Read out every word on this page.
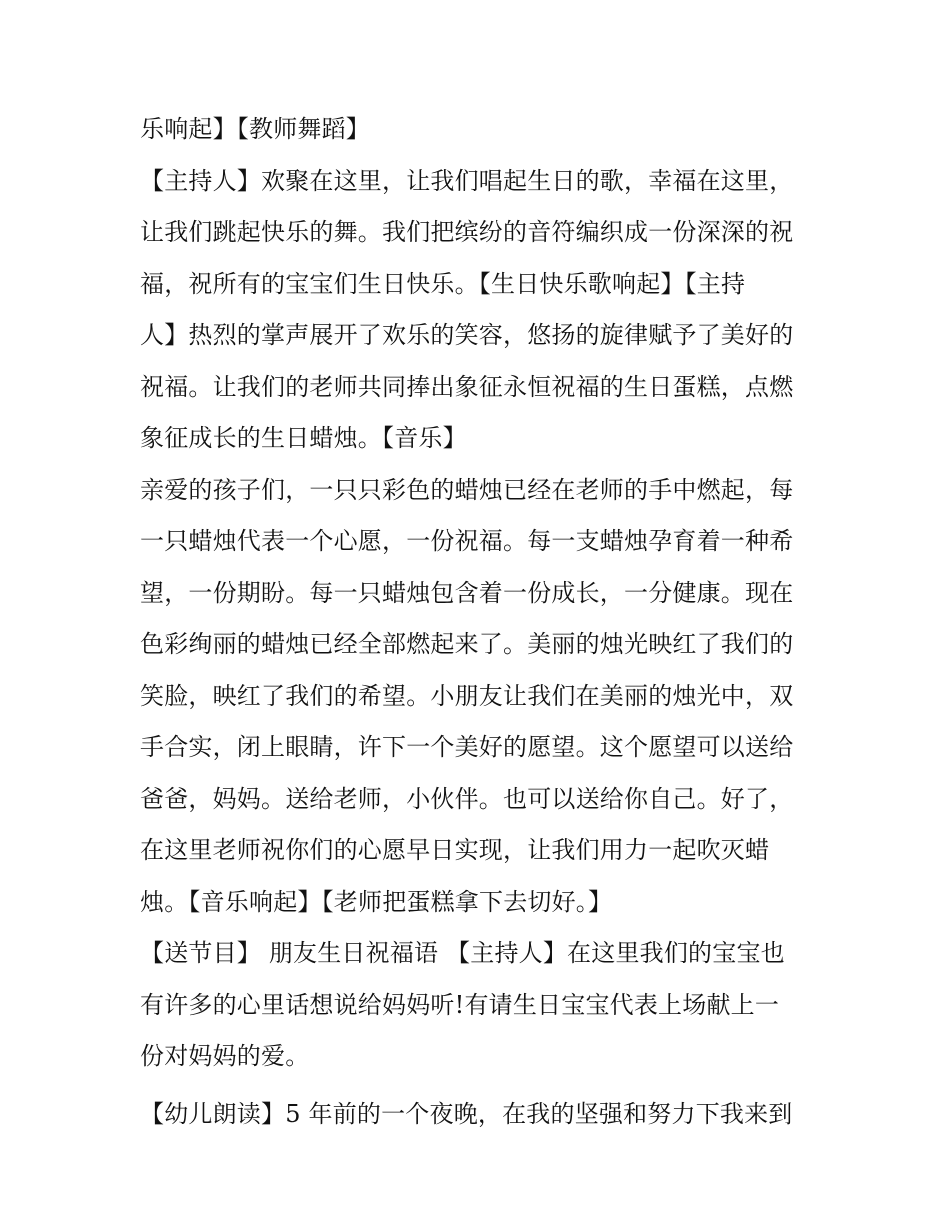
乐响起】【教师舞蹈】
【主持人】欢聚在这里，让我们唱起生日的歌，幸福在这里，
让我们跳起快乐的舞。我们把缤纷的音符编织成一份深深的祝
福，祝所有的宝宝们生日快乐。【生日快乐歌响起】【主持
人】热烈的掌声展开了欢乐的笑容，悠扬的旋律赋予了美好的
祝福。让我们的老师共同捧出象征永恒祝福的生日蛋糕，点燃
象征成长的生日蜡烛。【音乐】
亲爱的孩子们，一只只彩色的蜡烛已经在老师的手中燃起，每
一只蜡烛代表一个心愿，一份祝福。每一支蜡烛孕育着一种希
望，一份期盼。每一只蜡烛包含着一份成长，一分健康。现在
色彩绚丽的蜡烛已经全部燃起来了。美丽的烛光映红了我们的
笑脸，映红了我们的希望。小朋友让我们在美丽的烛光中，双
手合实，闭上眼睛，许下一个美好的愿望。这个愿望可以送给
爸爸，妈妈。送给老师，小伙伴。也可以送给你自己。好了，
在这里老师祝你们的心愿早日实现，让我们用力一起吹灭蜡
烛。【音乐响起】【老师把蛋糕拿下去切好。】
【送节目】 朋友生日祝福语 【主持人】在这里我们的宝宝也
有许多的心里话想说给妈妈听!有请生日宝宝代表上场献上一
份对妈妈的爱。
【幼儿朗读】5 年前的一个夜晚，在我的坚强和努力下我来到
